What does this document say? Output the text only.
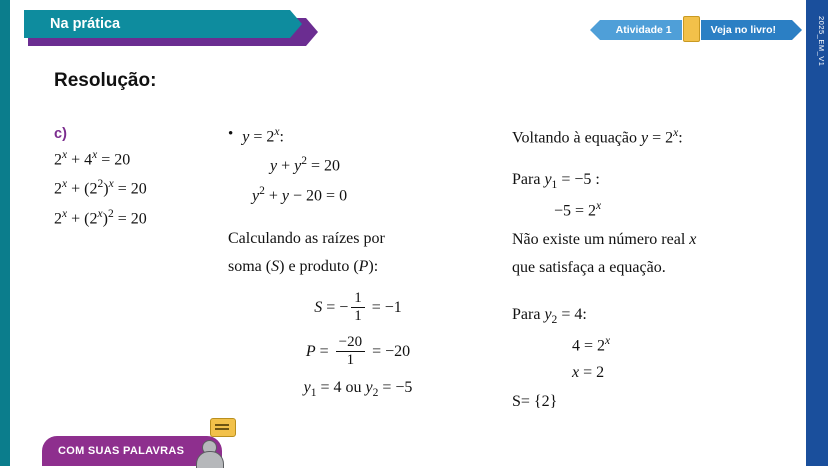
2025_EM_V1
Na prática	Atividade 1	Veja no livro!
Resolução:
c)
$2^x + 4^x = 20$
$2^x + (2^2)^x = 20$
$2^x + (2^x)^2 = 20$
• $y = 2^x$:
$y + y^2 = 20$
$y^2 + y - 20 = 0$
Calculando as raízes por
soma (S) e produto (P):
S = − $\frac{1}{1} = -1$
$P = \frac{-20}{1} = -20$
$y_1 = 4$ ou $y_2 = -5$
Voltando à equação $y = 2^x$:
Para $y_1 = -5$ :
$-5 = 2^x$
Não existe um número real x
que satisfaça a equação.
Para $y_2 = 4$:
$4 = 2^x$
x = 2
S= {2}
COM SUAS PALAVRAS
